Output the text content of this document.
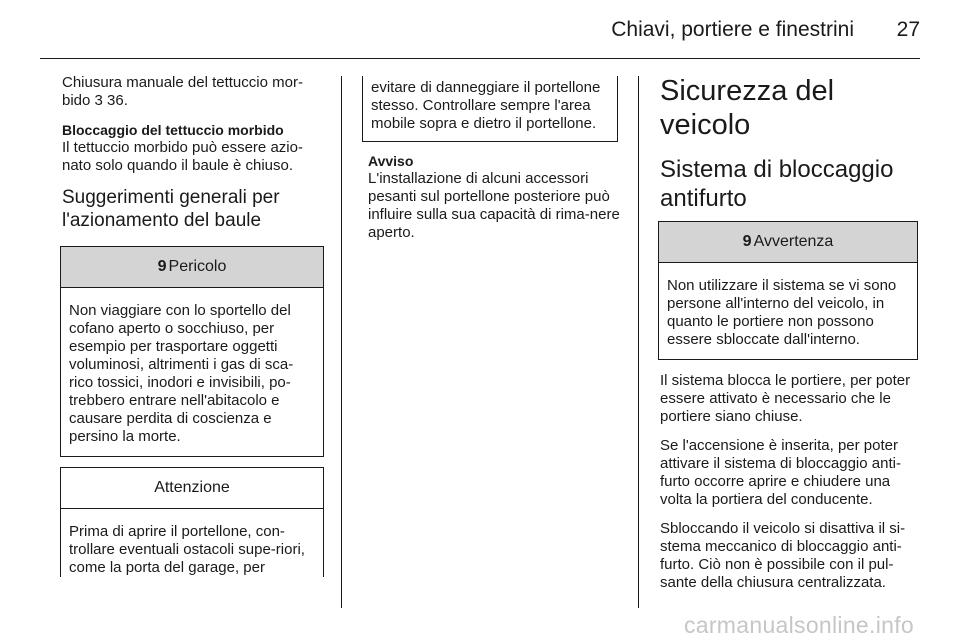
Chiavi, portiere e finestrini 27

Chiusura manuale del tettuccio mor-bido 3 36.

Bloccaggio del tettuccio morbido

Il tettuccio morbido può essere azio-nato solo quando il baule è chiuso.

Suggerimenti generali per l'azionamento del baule
9 Pericolo

Non viaggiare con lo sportello del cofano aperto o socchiuso, per esempio per trasportare oggetti voluminosi, altrimenti i gas di sca-rico tossici, inodori e invisibili, po-trebbero entrare nell'abitacolo e causare perdita di coscienza e persino la morte.

Attenzione

Prima di aprire il portellone, con-trollare eventuali ostacoli supe-riori, come la porta del garage, per

evitare di danneggiare il portellone stesso. Controllare sempre l'area mobile sopra e dietro il portellone.

Avviso

L'installazione di alcuni accessori pesanti sul portellone posteriore può influire sulla sua capacità di rima-nere aperto.

Sicurezza del veicolo
Sistema di bloccaggio antifurto
9 Avvertenza

Non utilizzare il sistema se vi sono persone all'interno del veicolo, in quanto le portiere non possono essere sbloccate dall'interno.

Il sistema blocca le portiere, per poter essere attivato è necessario che le portiere siano chiuse.

Se l'accensione è inserita, per poter attivare il sistema di bloccaggio anti-furto occorre aprire e chiudere una volta la portiera del conducente.

Sbloccando il veicolo si disattiva il si-stema meccanico di bloccaggio anti-furto. Ciò non è possibile con il pul-sante della chiusura centralizzata.

carmanualsonline.info
